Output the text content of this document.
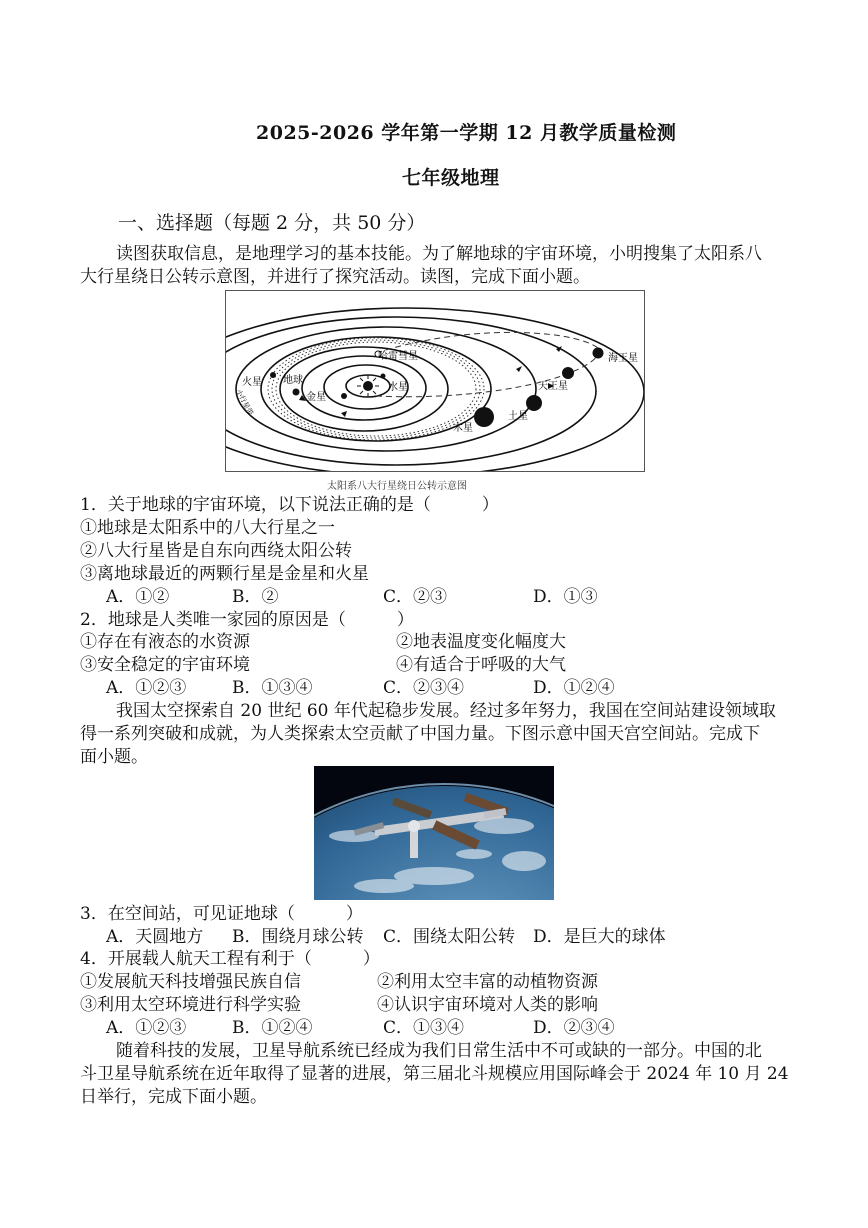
2025-2026 学年第一学期 12 月教学质量检测
七年级地理
一、选择题（每题 2 分，共 50 分）
读图获取信息，是地理学习的基本技能。为了解地球的宇宙环境，小明搜集了太阳系八
大行星绕日公转示意图，并进行了探究活动。读图，完成下面小题。
哈雷彗星
火星 地球
水星
金星
木星
土星
天王星
海王星
小行星带
太阳系八大行星绕日公转示意图
1．关于地球的宇宙环境，以下说法正确的是（　　　）
①地球是太阳系中的八大行星之一
②八大行星皆是自东向西绕太阳公转
③离地球最近的两颗行星是金星和火星
A．①②	B．②	C．②③	D．①③
2．地球是人类唯一家园的原因是（　　　）
①存在有液态的水资源	②地表温度变化幅度大
③安全稳定的宇宙环境	④有适合于呼吸的大气
A．①②③	B．①③④	C．②③④	D．①②④
我国太空探索自 20 世纪 60 年代起稳步发展。经过多年努力，我国在空间站建设领域取
得一系列突破和成就，为人类探索太空贡献了中国力量。下图示意中国天宫空间站。完成下
面小题。
3．在空间站，可见证地球（　　　）
A．天圆地方 B．围绕月球公转 C．围绕太阳公转 D．是巨大的球体
4．开展载人航天工程有利于（　　　）
①发展航天科技增强民族自信	②利用太空丰富的动植物资源
③利用太空环境进行科学实验	④认识宇宙环境对人类的影响
A．①②③	B．①②④	C．①③④	D．②③④
随着科技的发展，卫星导航系统已经成为我们日常生活中不可或缺的一部分。中国的北
斗卫星导航系统在近年取得了显著的进展，第三届北斗规模应用国际峰会于 2024 年 10 月 24
日举行，完成下面小题。
